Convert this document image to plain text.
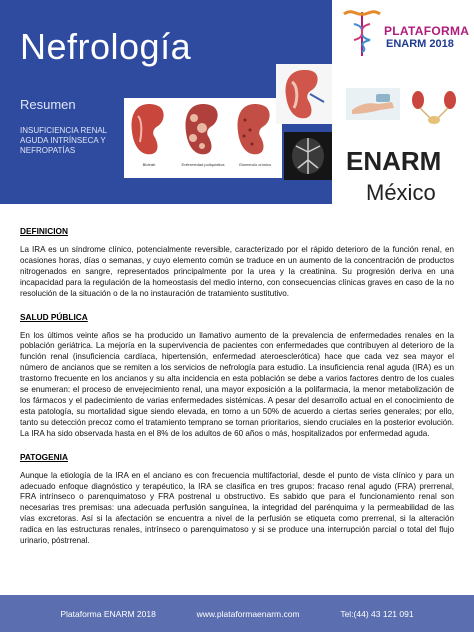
Nefrología
Resumen
INSUFICIENCIA RENAL AGUDA INTRÍNSECA Y NEFROPATÍAS
Biotrab	Enfermedad poliquística	Glomerulo crónico
PLATAFORMA
ENARM 2018
ENARM
México
DEFINICION

La IRA es un síndrome clínico, potencialmente reversible, caracterizado por el rápido deterioro de la función renal, en ocasiones horas, días o semanas, y cuyo elemento común se traduce en un aumento de la concentración de productos nitrogenados en sangre, representados principalmente por la urea y la creatinina. Su progresión deriva en una incapacidad para la regulación de la homeostasis del medio interno, con consecuencias clínicas graves en caso de la no resolución de la situación o de la no instauración de tratamiento sustitutivo.

SALUD PÚBLICA

En los últimos veinte años se ha producido un llamativo aumento de la prevalencia de enfermedades renales en la población geriátrica. La mejoría en la supervivencia de pacientes con enfermedades que contribuyen al deterioro de la función renal (insuficiencia cardíaca, hipertensión, enfermedad ateroesclerótica) hace que cada vez sea mayor el número de ancianos que se remiten a los servicios de nefrología para estudio. La insuficiencia renal aguda (IRA) es un trastorno frecuente en los ancianos y su alta incidencia en esta población se debe a varios factores dentro de los cuales se enumeran: el proceso de envejecimiento renal, una mayor exposición a la polifarmacia, la menor metabolización de los fármacos y el padecimiento de varias enfermedades sistémicas. A pesar del desarrollo actual en el conocimiento de esta patología, su mortalidad sigue siendo elevada, en torno a un 50% de acuerdo a ciertas series generales; por ello, tanto su detección precoz como el tratamiento temprano se tornan prioritarios, siendo cruciales en la posterior evolución. La IRA ha sido observada hasta en el 8% de los adultos de 60 años o más, hospitalizados por enfermedad aguda.

PATOGENIA

Aunque la etiología de la IRA en el anciano es con frecuencia multifactorial, desde el punto de vista clínico y para un adecuado enfoque diagnóstico y terapéutico, la IRA se clasifica en tres grupos: fracaso renal agudo (FRA) prerrenal, FRA intrínseco o parenquimatoso y FRA postrenal u obstructivo. Es sabido que para el funcionamiento renal son necesarias tres premisas: una adecuada perfusión sanguínea, la integridad del parénquima y la permeabilidad de las vías excretoras. Así si la afectación se encuentra a nivel de la perfusión se etiqueta como prerrenal, si la alteración radica en las estructuras renales, intrínseco o parenquimatoso y si se produce una interrupción parcial o total del flujo urinario, póstrrenal.

Plataforma ENARM 2018	www.plataformaenarm.com	Tel:(44) 43 121 091
